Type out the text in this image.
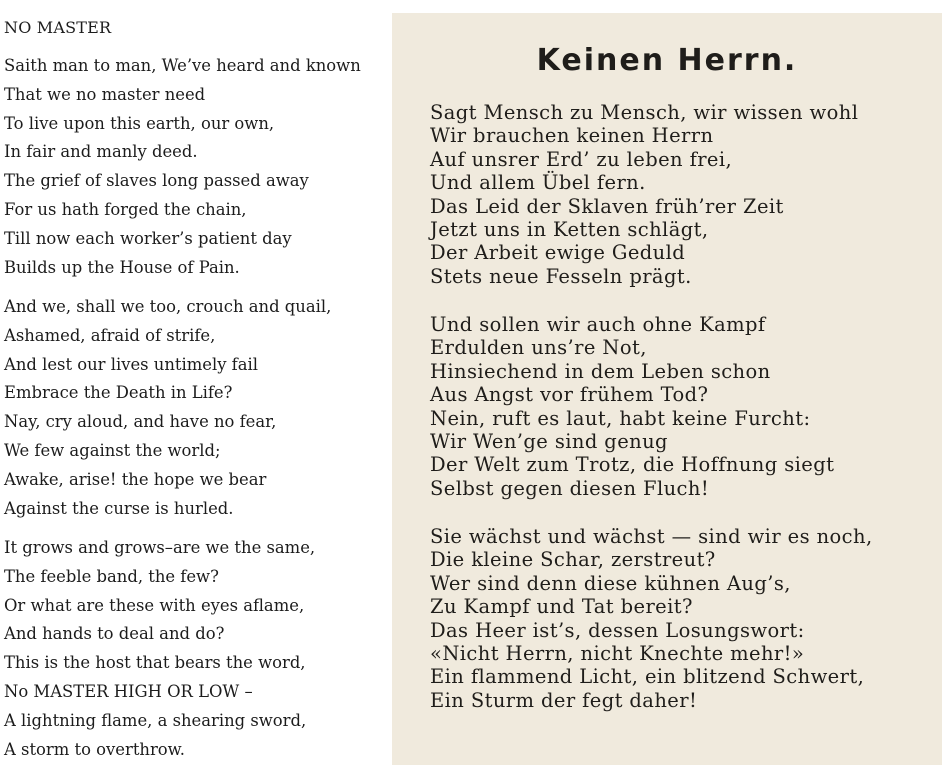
NO MASTER
Saith man to man, We’ve heard and known
That we no master need
To live upon this earth, our own,
In fair and manly deed.
The grief of slaves long passed away
For us hath forged the chain,
Till now each worker’s patient day
Builds up the House of Pain.
And we, shall we too, crouch and quail,
Ashamed, afraid of strife,
And lest our lives untimely fail
Embrace the Death in Life?
Nay, cry aloud, and have no fear,
We few against the world;
Awake, arise! the hope we bear
Against the curse is hurled.
It grows and grows–are we the same,
The feeble band, the few?
Or what are these with eyes aflame,
And hands to deal and do?
This is the host that bears the word,
No MASTER HIGH OR LOW –
A lightning flame, a shearing sword,
A storm to overthrow.
Keinen Herrn.
Sagt Mensch zu Mensch, wir wissen wohl
Wir brauchen keinen Herrn
Auf unsrer Erd’ zu leben frei,
Und allem Übel fern.
Das Leid der Sklaven früh’rer Zeit
Jetzt uns in Ketten schlägt,
Der Arbeit ewige Geduld
Stets neue Fesseln prägt.
Und sollen wir auch ohne Kampf
Erdulden uns’re Not,
Hinsiechend in dem Leben schon
Aus Angst vor frühem Tod?
Nein, ruft es laut, habt keine Furcht:
Wir Wen’ge sind genug
Der Welt zum Trotz, die Hoffnung siegt
Selbst gegen diesen Fluch!
Sie wächst und wächst — sind wir es noch,
Die kleine Schar, zerstreut?
Wer sind denn diese kühnen Aug’s,
Zu Kampf und Tat bereit?
Das Heer ist’s, dessen Losungswort:
«Nicht Herrn, nicht Knechte mehr!»
Ein flammend Licht, ein blitzend Schwert,
Ein Sturm der fegt daher!
